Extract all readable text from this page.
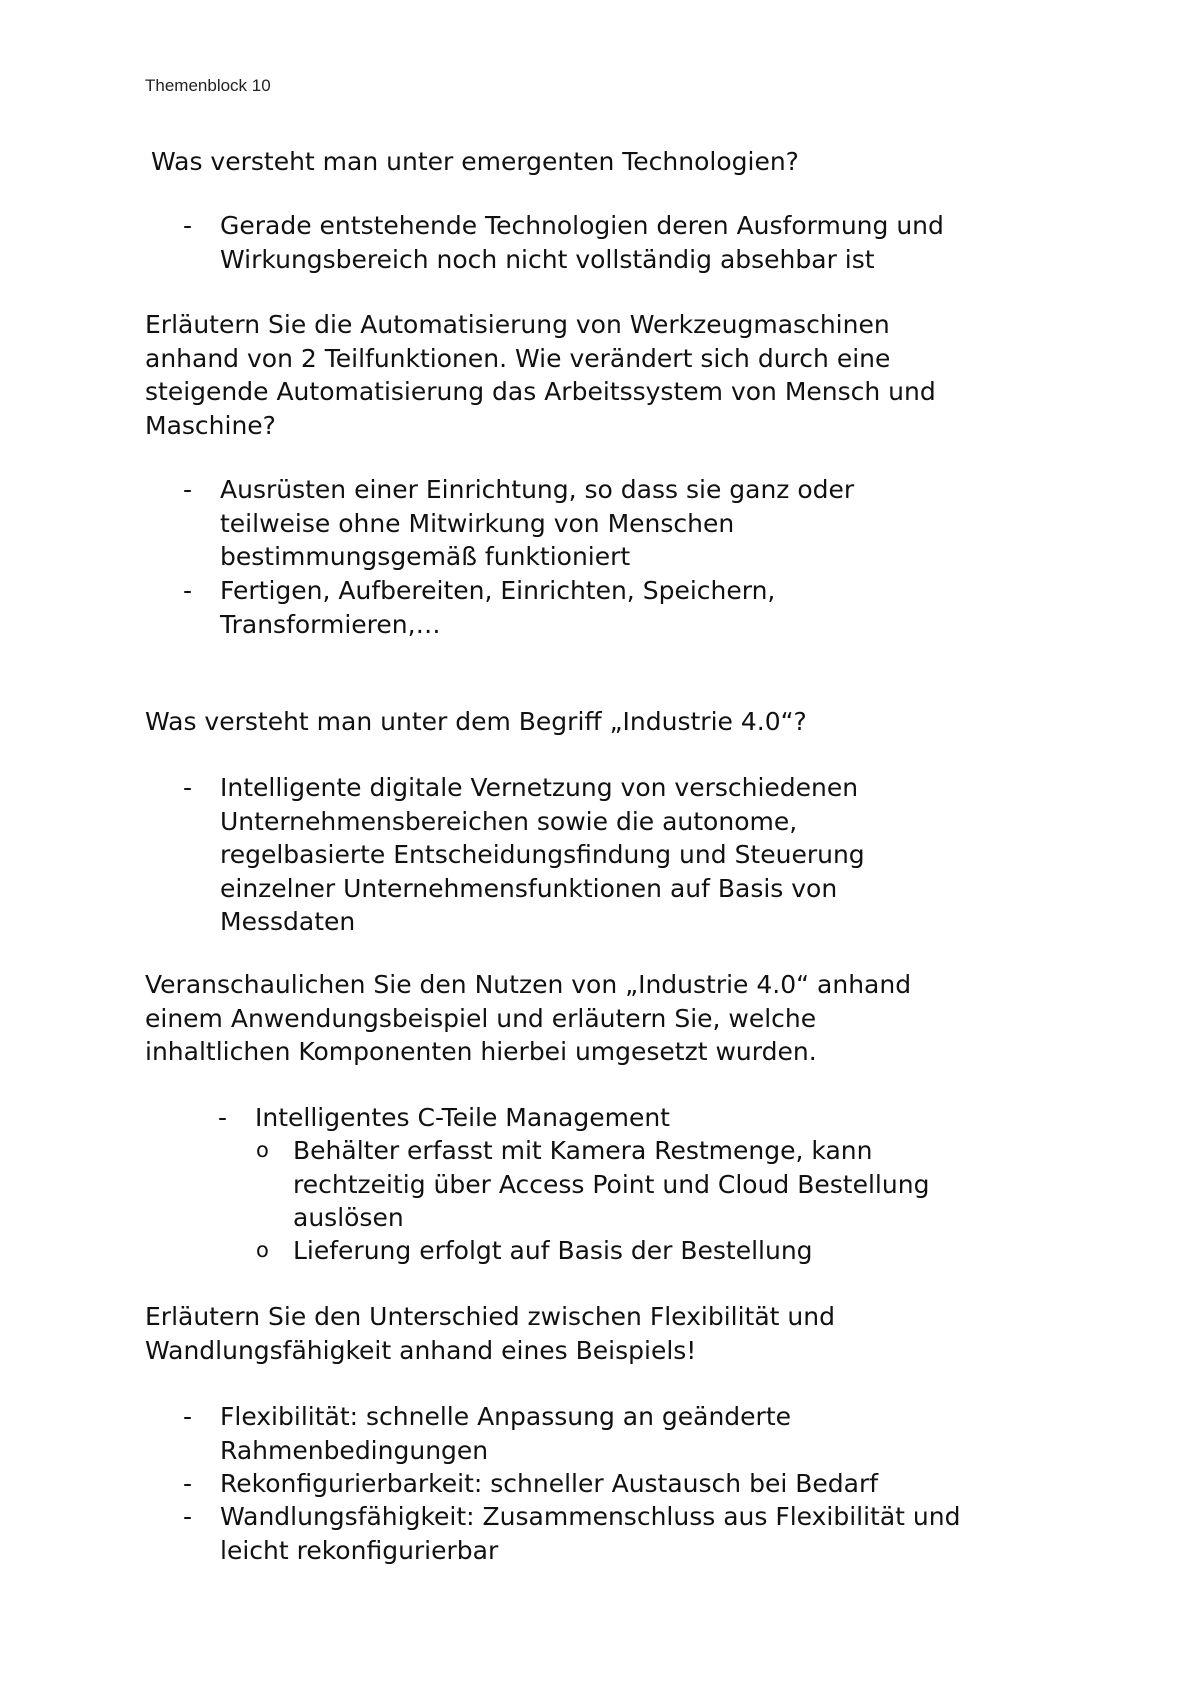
Themenblock 10
Was versteht man unter emergenten Technologien?
- Gerade entstehende Technologien deren Ausformung und
Wirkungsbereich noch nicht vollständig absehbar ist
Erläutern Sie die Automatisierung von Werkzeugmaschinen
anhand von 2 Teilfunktionen. Wie verändert sich durch eine
steigende Automatisierung das Arbeitssystem von Mensch und
Maschine?
- Ausrüsten einer Einrichtung, so dass sie ganz oder
teilweise ohne Mitwirkung von Menschen
bestimmungsgemäß funktioniert
- Fertigen, Aufbereiten, Einrichten, Speichern,
Transformieren,…
Was versteht man unter dem Begriff „Industrie 4.0“?
- Intelligente digitale Vernetzung von verschiedenen
Unternehmensbereichen sowie die autonome,
regelbasierte Entscheidungsfindung und Steuerung
einzelner Unternehmensfunktionen auf Basis von
Messdaten
Veranschaulichen Sie den Nutzen von „Industrie 4.0“ anhand
einem Anwendungsbeispiel und erläutern Sie, welche
inhaltlichen Komponenten hierbei umgesetzt wurden.
- Intelligentes C-Teile Management
o Behälter erfasst mit Kamera Restmenge, kann
rechtzeitig über Access Point und Cloud Bestellung
auslösen
o Lieferung erfolgt auf Basis der Bestellung
Erläutern Sie den Unterschied zwischen Flexibilität und
Wandlungsfähigkeit anhand eines Beispiels!
- Flexibilität: schnelle Anpassung an geänderte
Rahmenbedingungen
- Rekonfigurierbarkeit: schneller Austausch bei Bedarf
- Wandlungsfähigkeit: Zusammenschluss aus Flexibilität und
leicht rekonfigurierbar
